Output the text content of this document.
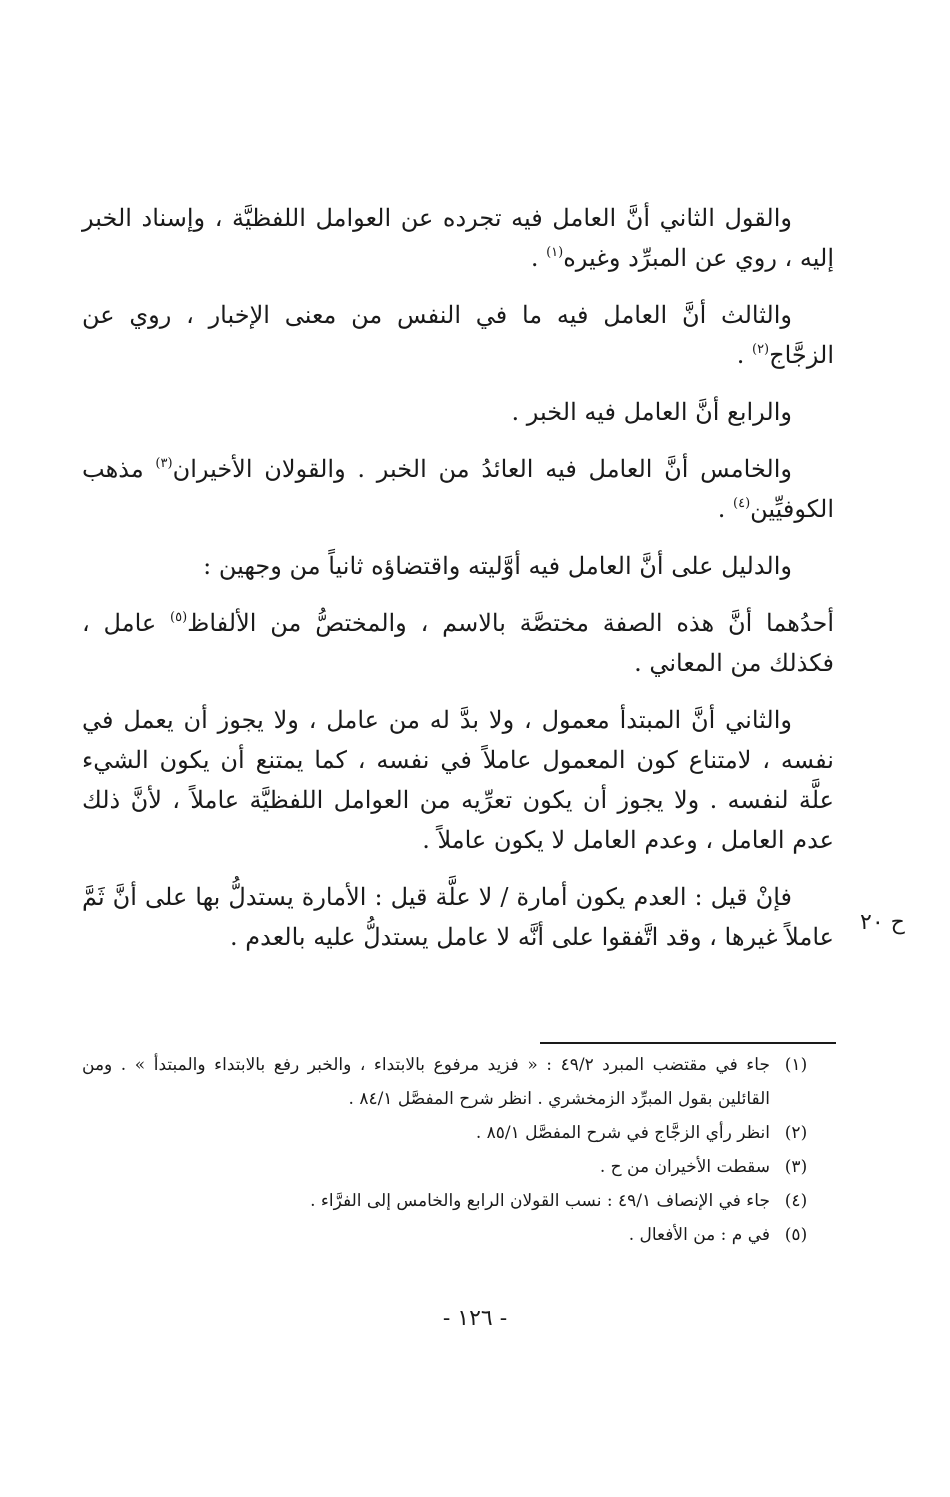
والقول الثاني أنَّ العامل فيه تجرده عن العوامل اللفظيَّة ، وإسناد الخبر إليه ، روي عن المبرِّد وغيره$^{(١)}$ .

والثالث أنَّ العامل فيه ما في النفس من معنى الإخبار ، روي عن الزجَّاج$^{(٢)}$ .

والرابع أنَّ العامل فيه الخبر .

والخامس أنَّ العامل فيه العائدُ من الخبر . والقولان الأخيران$^{(٣)}$ مذهب الكوفيِّين$^{(٤)}$ .

والدليل على أنَّ العامل فيه أوَّليته واقتضاؤه ثانياً من وجهين :

أحدُهما أنَّ هذه الصفة مختصَّة بالاسم ، والمختصُّ من الألفاظ$^{(٥)}$ عامل ، فكذلك من المعاني .

والثاني أنَّ المبتدأ معمول ، ولا بدَّ له من عامل ، ولا يجوز أن يعمل في نفسه ، لامتناع كون المعمول عاملاً في نفسه ، كما يمتنع أن يكون الشيء علَّة لنفسه . ولا يجوز أن يكون تعرِّيه من العوامل اللفظيَّة عاملاً ، لأنَّ ذلك عدم العامل ، وعدم العامل لا يكون عاملاً .

فإنْ قيل : العدم يكون أمارة / لا علَّة قيل : الأمارة يستدلُّ بها على أنَّ ثَمَّ عاملاً غيرها ، وقد اتَّفقوا على أنَّه لا عامل يستدلُّ عليه بالعدم .

ح ٢٠
(١)
جاء في مقتضب المبرد ٤٩/٢ : « فزيد مرفوع بالابتداء ، والخبر رفع بالابتداء والمبتدأ » . ومن القائلين بقول المبرِّد الزمخشري . انظر شرح المفصَّل ٨٤/١ .
(٢)
انظر رأي الزجَّاج في شرح المفصَّل ٨٥/١ .
(٣)
سقطت الأخيران من ح .
(٤)
جاء في الإنصاف ٤٩/١ : نسب القولان الرابع والخامس إلى الفرَّاء .
(٥)
في م : من الأفعال .
- ١٢٦ -
